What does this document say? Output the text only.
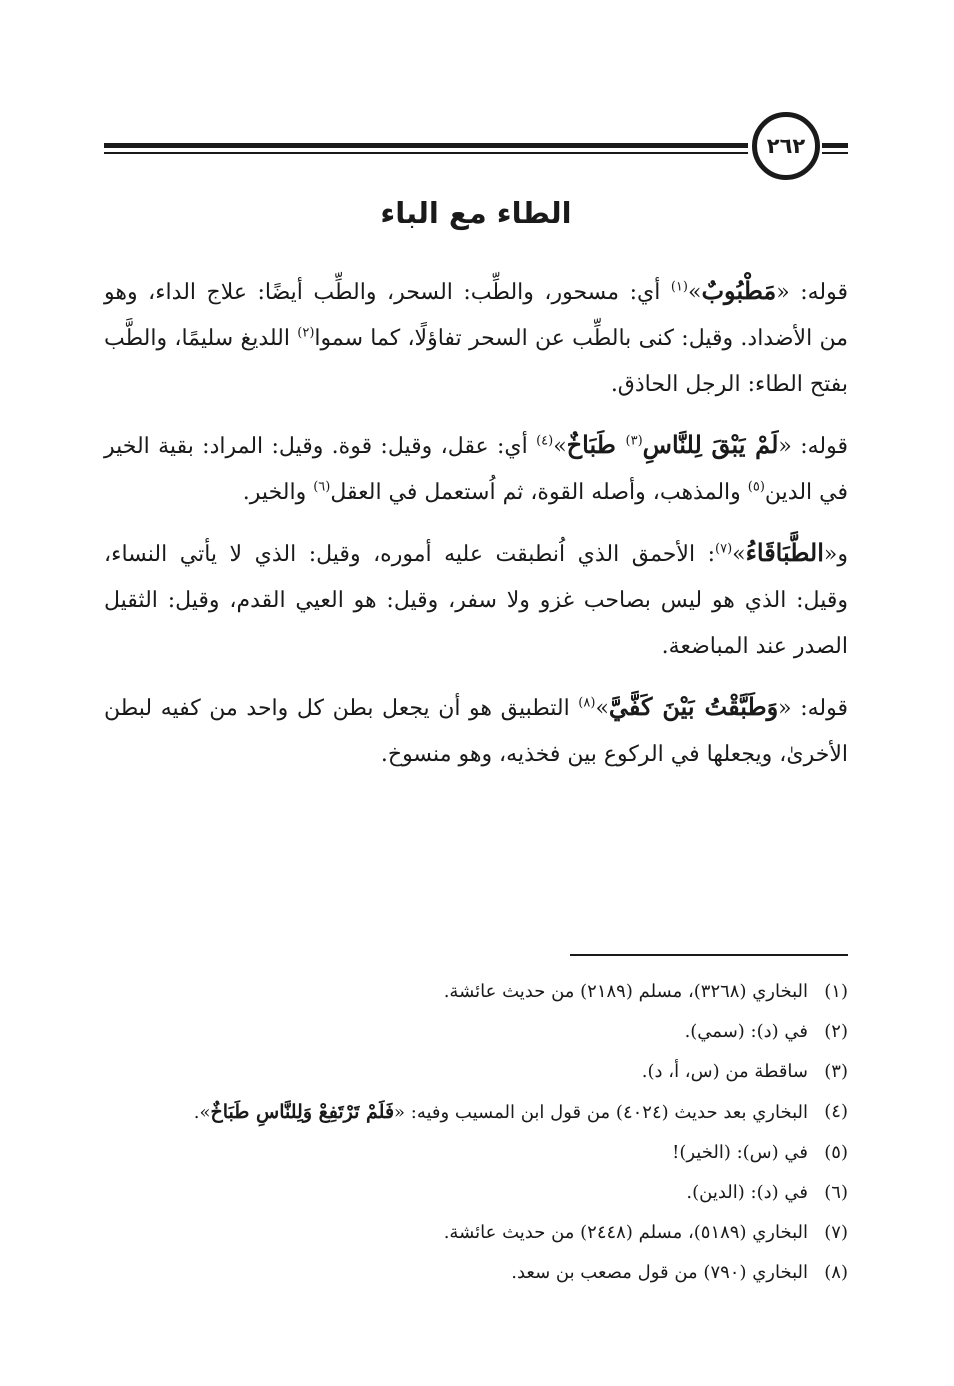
٢٦٢
الطاء مع الباء

قوله: «مَطْبُوبٌ»$^{(١)}$ أي: مسحور، والطِّب: السحر، والطِّب أيضًا: علاج الداء، وهو من الأضداد. وقيل: كنى بالطِّب عن السحر تفاؤلًا، كما سموا$^{(٢)}$ اللديغ سليمًا، والطَّب بفتح الطاء: الرجل الحاذق.

قوله: «لَمْ يَبْقَ لِلنَّاسِ$^{(٣)}$ طَبَاخٌ»$^{(٤)}$ أي: عقل، وقيل: قوة. وقيل: المراد: بقية الخير في الدين$^{(٥)}$ والمذهب، وأصله القوة، ثم اُستعمل في العقل$^{(٦)}$ والخير.

و«الطَّبَاقَاءُ»$^{(٧)}$: الأحمق الذي اُنطبقت عليه أموره، وقيل: الذي لا يأتي النساء، وقيل: الذي هو ليس بصاحب غزو ولا سفر، وقيل: هو العيي القدم، وقيل: الثقيل الصدر عند المباضعة.

قوله: «وَطَبَّقْتُ بَيْنَ كَفَّيَّ»$^{(٨)}$ التطبيق هو أن يجعل بطن كل واحد من كفيه لبطن الأخرىٰ، ويجعلها في الركوع بين فخذيه، وهو منسوخ.

(١)
البخاري (٣٢٦٨)، مسلم (٢١٨٩) من حديث عائشة.
(٢)
في (د): (سمي).
(٣)
ساقطة من (س، أ، د).
(٤)
البخاري بعد حديث (٤٠٢٤) من قول ابن المسيب وفيه: «فَلَمْ تَرْتَفِعْ وَلِلنَّاسِ طَبَاخٌ».
(٥)
في (س): (الخير)!
(٦)
في (د): (الدين).
(٧)
البخاري (٥١٨٩)، مسلم (٢٤٤٨) من حديث عائشة.
(٨)
البخاري (٧٩٠) من قول مصعب بن سعد.
